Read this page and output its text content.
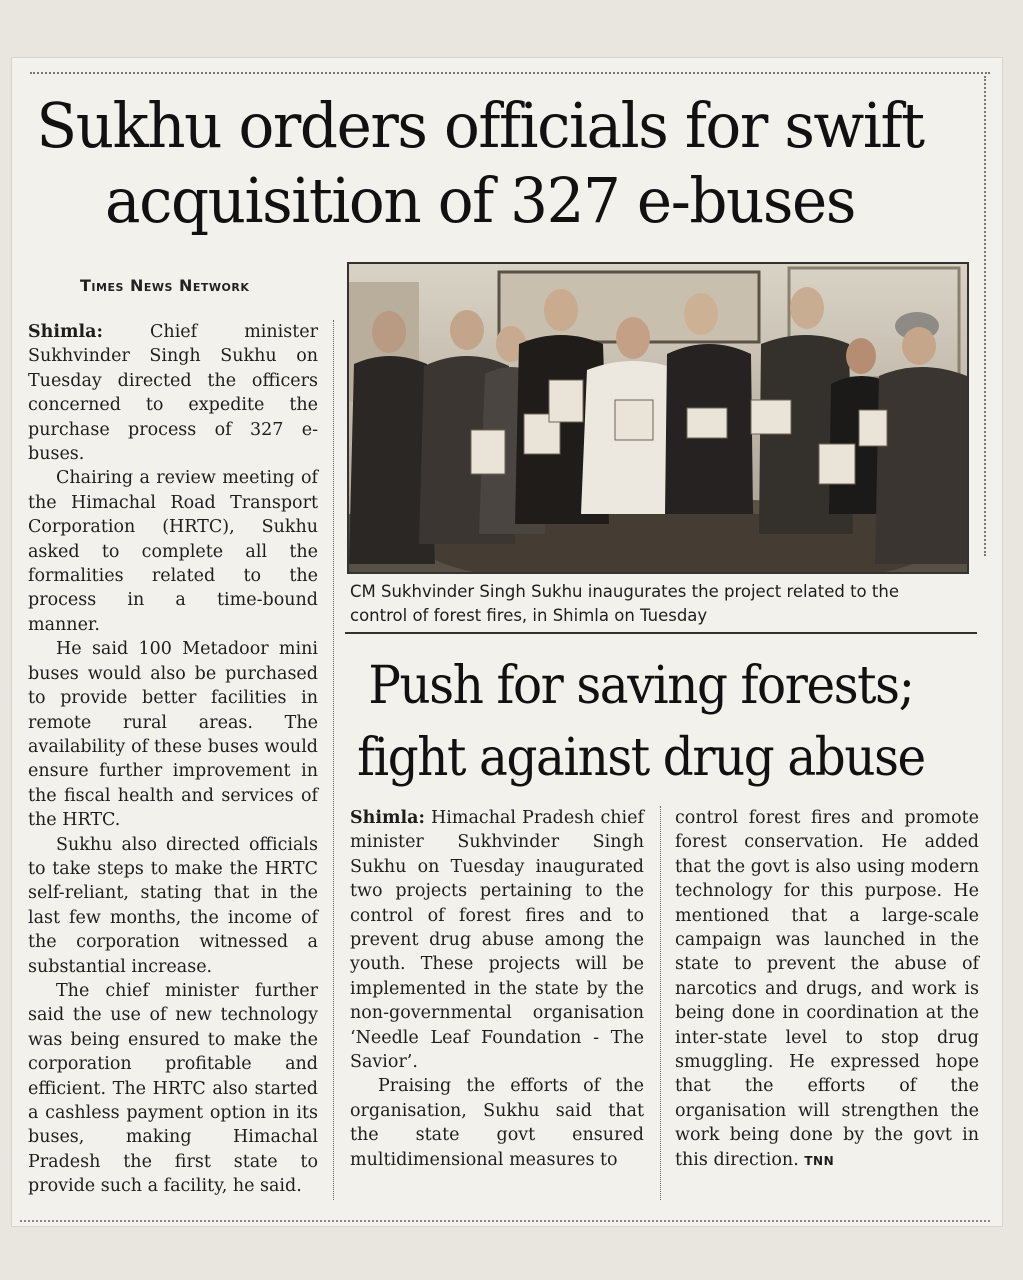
Sukhu orders officials for swift
acquisition of 327 e-buses
Times News Network

Shimla:	Chief minister Sukhvinder Singh Sukhu on Tuesday directed the officers concerned to expedite the purchase process of 327 e-buses.

Chairing a review meeting of the Himachal Road Transport Corporation (HRTC), Sukhu asked to complete all the formalities related to the process in a time-bound manner.

He said 100 Metadoor mini buses would also be purchased to provide better facilities in remote rural areas. The availability of these buses would ensure further improvement in the fiscal health and services of the HRTC.

Sukhu also directed officials to take steps to make the HRTC self-reliant, stating that in the last few months, the income of the corporation witnessed a substantial increase.

The chief minister further said the use of new technology was being ensured to make the corporation profitable and efficient. The HRTC also started a cashless payment option in its buses, making Himachal Pradesh the first state to provide such a facility, he said.

CM Sukhvinder Singh Sukhu inaugurates the project related to the
control of forest fires, in Shimla on Tuesday
Push for saving forests;
fight against drug abuse

Shimla: Himachal Pradesh chief minister Sukhvinder Singh Sukhu on Tuesday inaugurated two projects pertaining to the control of forest fires and to prevent drug abuse among the youth. These projects will be implemented in the state by the non-governmental organisation ‘Needle Leaf Foundation - The Savior’.

Praising the efforts of the organisation, Sukhu said that the state govt ensured multidimensional measures to

control forest fires and promote forest conservation. He added that the govt is also using modern technology for this purpose. He mentioned that a large-scale campaign was launched in the state to prevent the abuse of narcotics and drugs, and work is being done in coordination at the inter-state level to stop drug smuggling. He expressed hope that the efforts of the organisation will strengthen the work being done by the govt in this direction. TNN
